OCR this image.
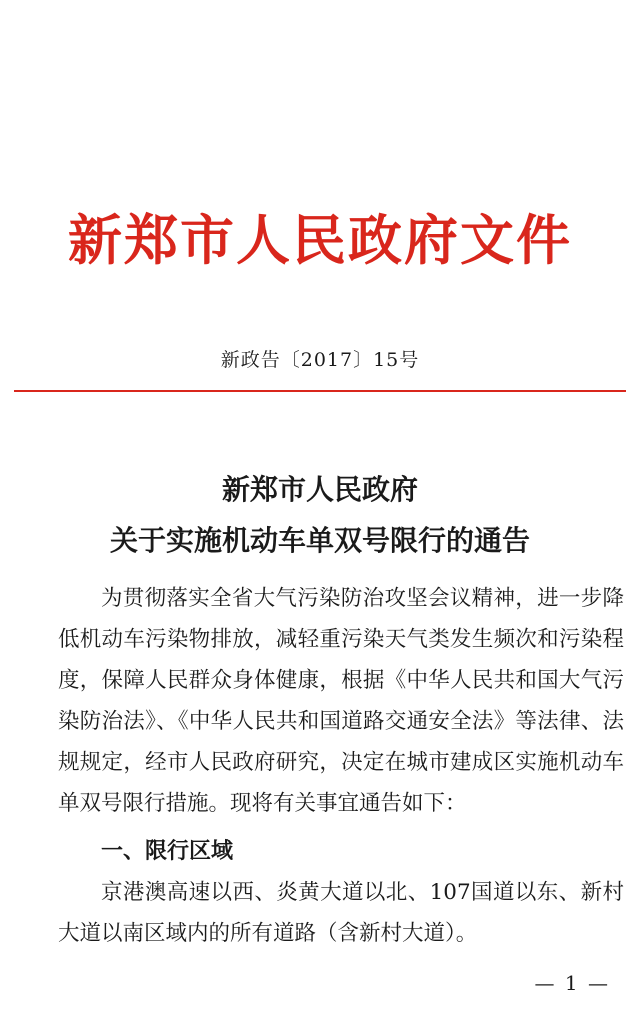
新郑市人民政府文件
新政告〔2017〕15号
新郑市人民政府
关于实施机动车单双号限行的通告

为贯彻落实全省大气污染防治攻坚会议精神，进一步降低机动车污染物排放，减轻重污染天气类发生频次和污染程度，保障人民群众身体健康，根据《中华人民共和国大气污染防治法》、《中华人民共和国道路交通安全法》等法律、法规规定，经市人民政府研究，决定在城市建成区实施机动车单双号限行措施。现将有关事宜通告如下：

一、限行区域

京港澳高速以西、炎黄大道以北、107国道以东、新村大道以南区域内的所有道路（含新村大道）。

— 1 —
